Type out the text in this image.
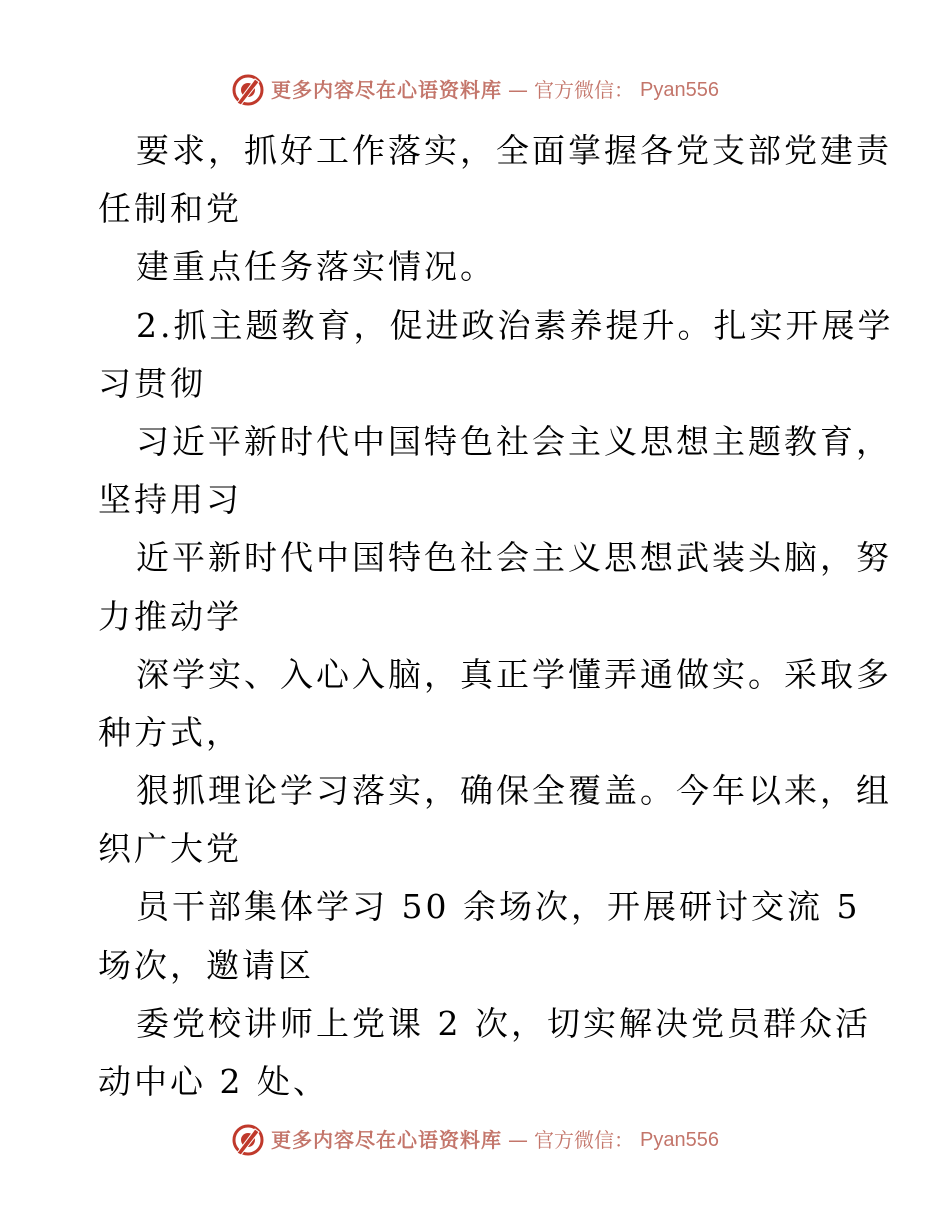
更多内容尽在心语资料库 — 官方微信： Pyan556
要求，抓好工作落实，全面掌握各党支部党建责
任制和党
建重点任务落实情况。
2.抓主题教育，促进政治素养提升。扎实开展学
习贯彻
习近平新时代中国特色社会主义思想主题教育，
坚持用习
近平新时代中国特色社会主义思想武装头脑，努
力推动学
深学实、入心入脑，真正学懂弄通做实。采取多
种方式，
狠抓理论学习落实，确保全覆盖。今年以来，组
织广大党
员干部集体学习 50 余场次，开展研讨交流 5
场次，邀请区
委党校讲师上党课 2 次，切实解决党员群众活
动中心 2 处、
更多内容尽在心语资料库 — 官方微信： Pyan556
